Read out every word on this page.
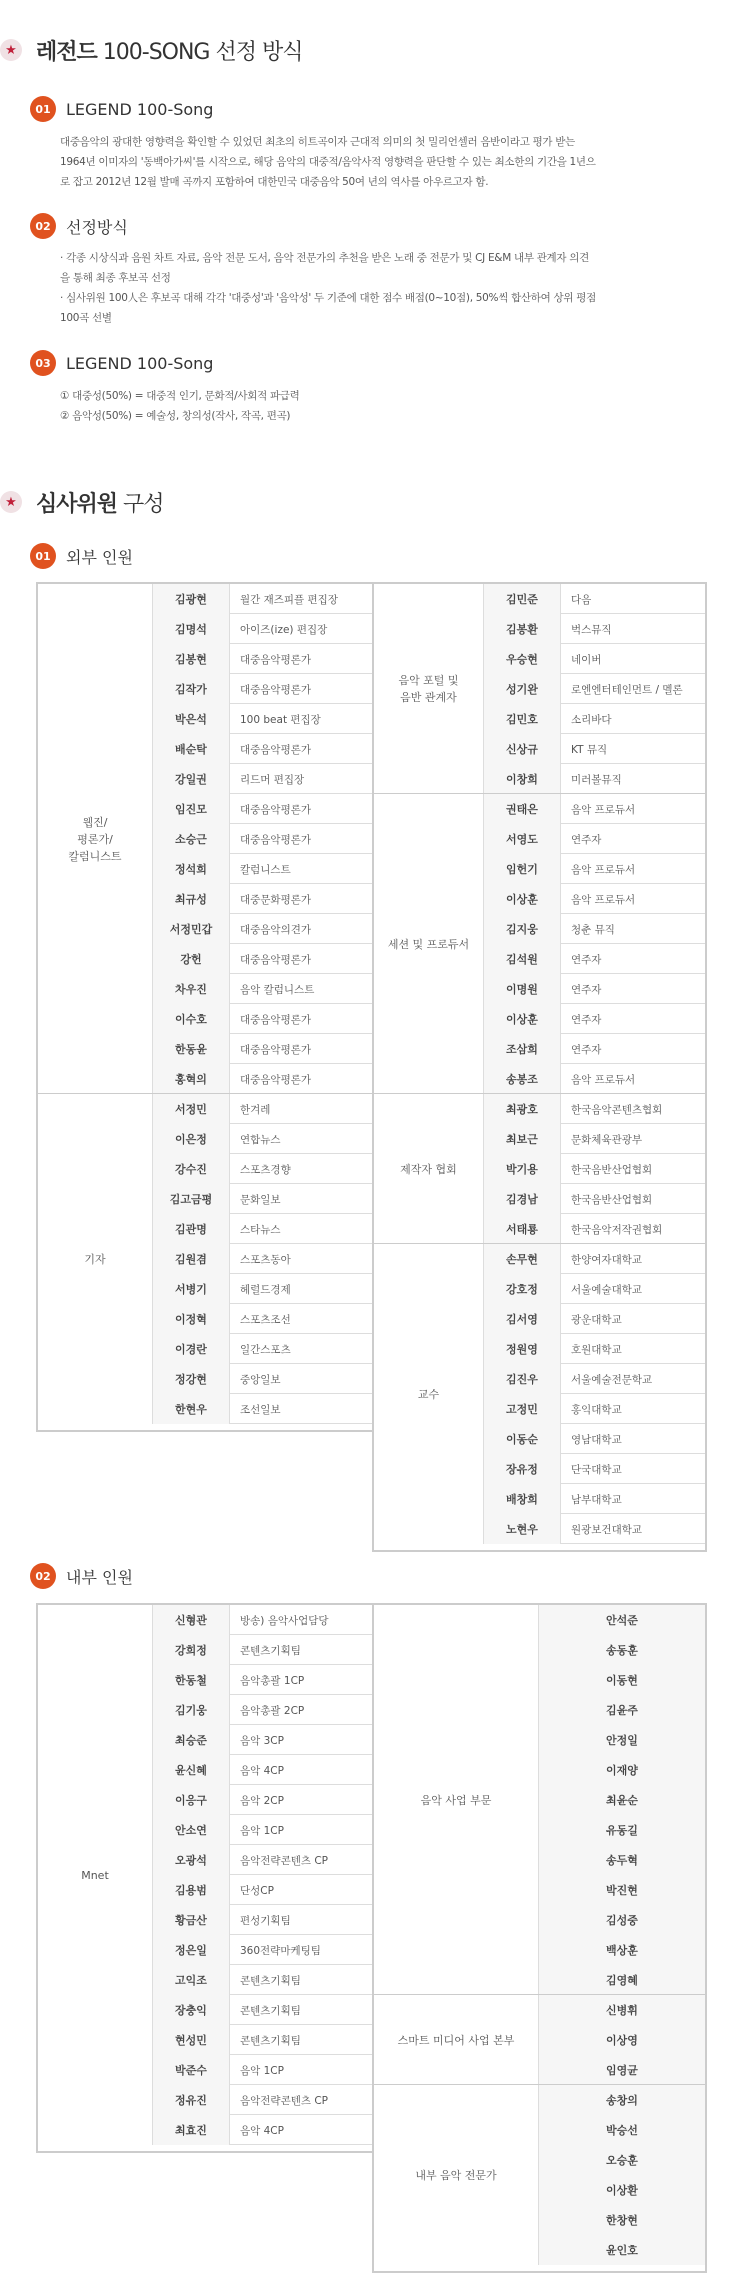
★ 레전드 100-SONG 선정 방식
01 LEGEND 100-Song

대중음악의 광대한 영향력을 확인할 수 있었던 최초의 히트곡이자 근대적 의미의 첫 밀리언셀러 음반이라고 평가 받는

1964년 이미자의 '동백아가씨'를 시작으로, 해당 음악의 대중적/음악사적 영향력을 판단할 수 있는 최소한의 기간을 1년으

로 잡고 2012년 12월 발매 곡까지 포함하여 대한민국 대중음악 50여 년의 역사를 아우르고자 함.

02 선정방식

· 각종 시상식과 음원 차트 자료, 음악 전문 도서, 음악 전문가의 추천을 받은 노래 중 전문가 및 CJ E&M 내부 관계자 의견

을 통해 최종 후보곡 선정

· 심사위원 100人은 후보곡 대해 각각 '대중성'과 '음악성' 두 기준에 대한 점수 배점(0~10점), 50%씩 합산하여 상위 평점

100곡 선별

03 LEGEND 100-Song

① 대중성(50%) = 대중적 인기, 문화적/사회적 파급력

② 음악성(50%) = 예술성, 창의성(작사, 작곡, 편곡)

★ 심사위원 구성
01 외부 인원
웹진/
평론가/
칼럼니스트
김광현	월간 재즈피플 편집장
김명석	아이즈(ize) 편집장
김봉현	대중음악평론가
김작가	대중음악평론가
박은석	100 beat 편집장
배순탁	대중음악평론가
강일권	리드머 편집장
임진모	대중음악평론가
소승근	대중음악평론가
정석희	칼럼니스트
최규성	대중문화평론가
서정민갑	대중음악의견가
강헌	대중음악평론가
차우진	음악 칼럼니스트
이수호	대중음악평론가
한동윤	대중음악평론가
홍혁의	대중음악평론가
기자
서정민	한겨레
이은정	연합뉴스
강수진	스포츠경향
김고금평	문화일보
김관명	스타뉴스
김원겸	스포츠동아
서병기	헤럴드경제
이정혁	스포츠조선
이경란	일간스포츠
정강현	중앙일보
한현우	조선일보
음악 포털 및
음반 관계자
김민준	다음
김봉환	벅스뮤직
우승현	네이버
성기완	로엔엔터테인먼트 / 멜론
김민호	소리바다
신상규	KT 뮤직
이창희	미러볼뮤직
세션 및 프로듀서
권태은	음악 프로듀서
서영도	연주자
임헌기	음악 프로듀서
이상훈	음악 프로듀서
김지웅	청춘 뮤직
김석원	연주자
이명원	연주자
이상훈	연주자
조삼희	연주자
송봉조	음악 프로듀서
제작자 협회
최광호	한국음악콘텐츠협회
최보근	문화체육관광부
박기용	한국음반산업협회
김경남	한국음반산업협회
서태룡	한국음악저작권협회
교수
손무현	한양여자대학교
강호정	서울예술대학교
김서영	광운대학교
정원영	호원대학교
김진우	서울예술전문학교
고정민	홍익대학교
이동순	영남대학교
장유정	단국대학교
배창희	남부대학교
노현우	원광보건대학교
02 내부 인원
Mnet
신형관	방송) 음악사업담당
강희정	콘텐츠기획팀
한동철	음악총괄 1CP
김기웅	음악총괄 2CP
최승준	음악 3CP
윤신혜	음악 4CP
이응구	음악 2CP
안소연	음악 1CP
오광석	음악전략콘텐츠 CP
김용범	단성CP
황금산	편성기획팀
정은일	360전략마케팅팀
고익조	콘텐츠기획팀
장충익	콘텐츠기획팀
현성민	콘텐츠기획팀
박준수	음악 1CP
정유진	음악전략콘텐츠 CP
최효진	음악 4CP
음악 사업 부문
안석준
송동훈
이동현
김윤주
안정일
이재양
최윤순
유동길
송두혁
박진현
김성중
백상훈
김영혜
스마트 미디어 사업 본부
신병휘
이상영
임영균
내부 음악 전문가
송창의
박승선
오승훈
이상환
한창현
윤인호
